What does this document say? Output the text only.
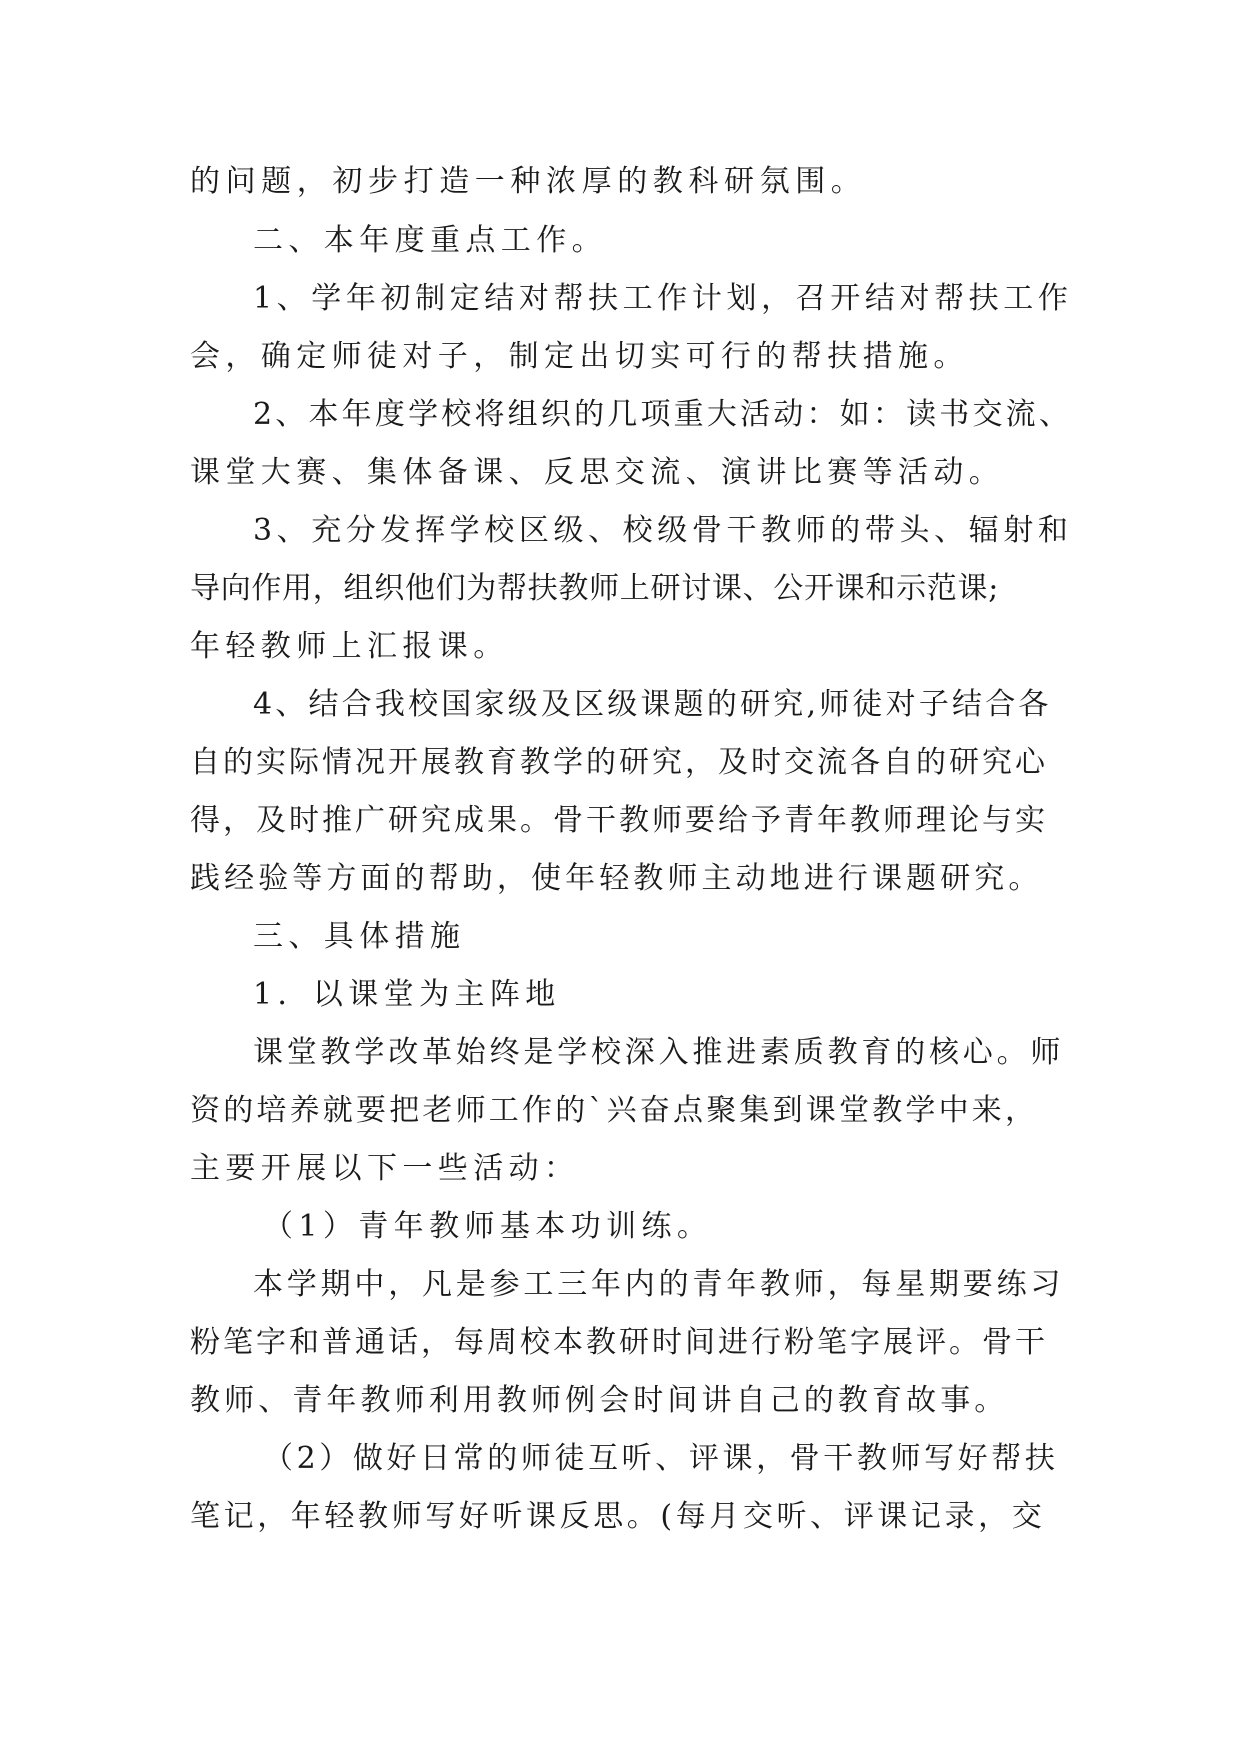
的问题，初步打造一种浓厚的教科研氛围。

二、本年度重点工作。

1、学年初制定结对帮扶工作计划，召开结对帮扶工作

会，确定师徒对子，制定出切实可行的帮扶措施。

2、本年度学校将组织的几项重大活动：如：读书交流、

课堂大赛、集体备课、反思交流、演讲比赛等活动。

3、充分发挥学校区级、校级骨干教师的带头、辐射和

导向作用，组织他们为帮扶教师上研讨课、公开课和示范课;

年轻教师上汇报课。

4、结合我校国家级及区级课题的研究,师徒对子结合各

自的实际情况开展教育教学的研究，及时交流各自的研究心

得，及时推广研究成果。骨干教师要给予青年教师理论与实

践经验等方面的帮助，使年轻教师主动地进行课题研究。

三、具体措施

1．以课堂为主阵地

课堂教学改革始终是学校深入推进素质教育的核心。师

资的培养就要把老师工作的`兴奋点聚集到课堂教学中来，

主要开展以下一些活动：

（1）青年教师基本功训练。

本学期中，凡是参工三年内的青年教师，每星期要练习

粉笔字和普通话，每周校本教研时间进行粉笔字展评。骨干

教师、青年教师利用教师例会时间讲自己的教育故事。

（2）做好日常的师徒互听、评课，骨干教师写好帮扶

笔记，年轻教师写好听课反思。(每月交听、评课记录，交
